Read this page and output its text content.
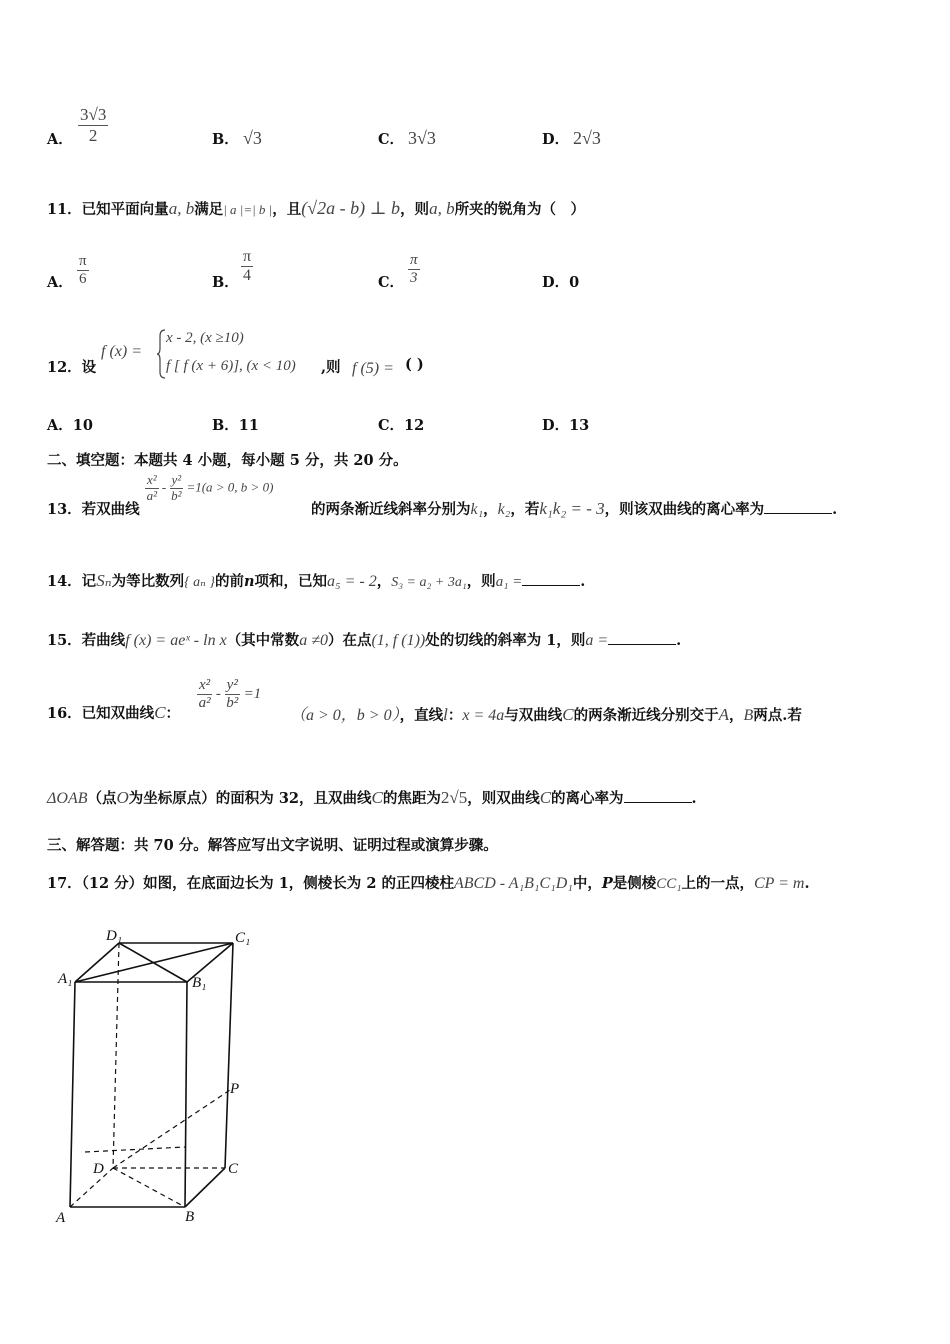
A． $\frac{3√3}{2}$	B． √3	C． 3√3	D． 2√3
11．已知平面向量a, b满足| a |=| b |，且(√2a - b) ⊥ b，则a, b所夹的锐角为（　）
A． $\frac{\pi}{6}$	B． $\frac{\pi}{4}$	C． $\frac{\pi}{3}$	D．0
12．设
f (x) =
x - 2, (x ≥10)
f [ f (x + 6)], (x < 10) ,则 f (5) = ( )
A．10	B．11	C．12	D．13
二、填空题：本题共 4 小题，每小题 5 分，共 20 分。
13．若双曲线
$\frac{\text{x²}}{\text{a²}} - \frac{\text{y²}}{\text{b²}} =1(a > 0$, b > 0)
的两条渐近线斜率分别为k₁，k₂，若k₁k₂ = - 3，则该双曲线的离心率为	.
14．记Sₙ为等比数列{ aₙ }的前n项和，已知a₅ = - 2，S₃ = a₂ + 3a₁，则a₁ =	.
15．若曲线f (x) = aeˣ - ln x（其中常数a ≠0）在点(1, f (1))处的切线的斜率为 1，则a =	.
16．已知双曲线C：
$\frac{\text{x²}}{\text{a²}} - \frac{\text{y²}}{\text{b²}} =1$
（a > 0，b > 0），直线l：x = 4a与双曲线C的两条渐近线分别交于A，B两点.若
ΔOAB（点O为坐标原点）的面积为 32，且双曲线C的焦距为2√5，则双曲线C的离心率为	.
三、解答题：共 70 分。解答应写出文字说明、证明过程或演算步骤。
17．（12 分）如图，在底面边长为 1，侧棱长为 2 的正四棱柱ABCD - A₁B₁C₁D₁中，P是侧棱CC₁上的一点，CP = m.
D₁	C₁
A₁	B₁
P
D	C
A	B
